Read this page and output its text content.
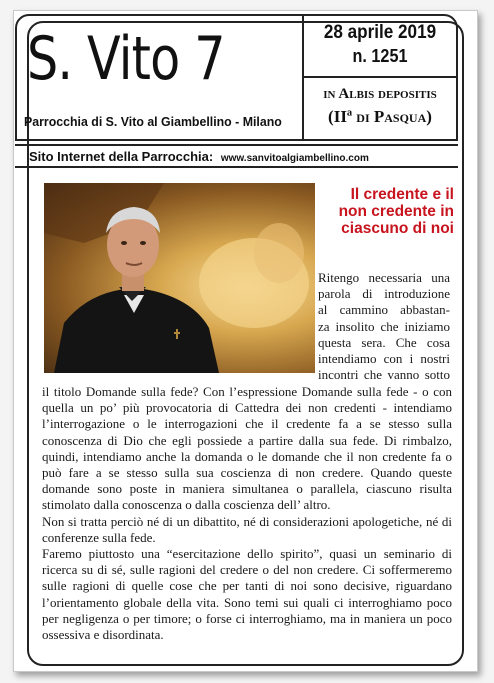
S. Vito 7
Parrocchia di S. Vito al Giambellino - Milano
28 aprile 2019
n. 1251
in Albis depositis
(IIª di Pasqua)
Sito Internet della Parrocchia: www.sanvitoalgiambellino.com
Il credente e il non credente in ciascuno di noi
Ritengo necessaria una
parola di introduzione
al cammino abbastan-
za insolito che iniziamo
questa sera. Che cosa
intendiamo con i nostri
incontri che vanno sotto

il titolo Domande sulla fede? Con l’espressione Domande sulla fede - o con quella un po’ più provocatoria di Cattedra dei non credenti - intendiamo l’interrogazione o le interrogazioni che il credente fa a se stesso sulla conoscenza di Dio che egli possiede a partire dalla sua fede. Di rimbalzo, quindi, intendiamo anche la domanda o le domande che il non credente fa o può fare a se stesso sulla sua coscienza di non credere. Quando queste domande sono poste in maniera simultanea o parallela, ciascuno risulta stimolato dalla conoscenza o dalla coscienza dell’ altro.

Non si tratta perciò né di un dibattito, né di considerazioni apologetiche, né di conferenze sulla fede.

Faremo piuttosto una “esercitazione dello spirito”, quasi un seminario di ricerca su di sé, sulle ragioni del credere o del non credere. Ci soffermeremo sulle ragioni di quelle cose che per tanti di noi sono decisive, riguardano l’orientamento globale della vita. Sono temi sui quali ci interroghiamo poco per negligenza o per timore; o forse ci interroghiamo, ma in maniera un poco ossessiva e disordinata.
